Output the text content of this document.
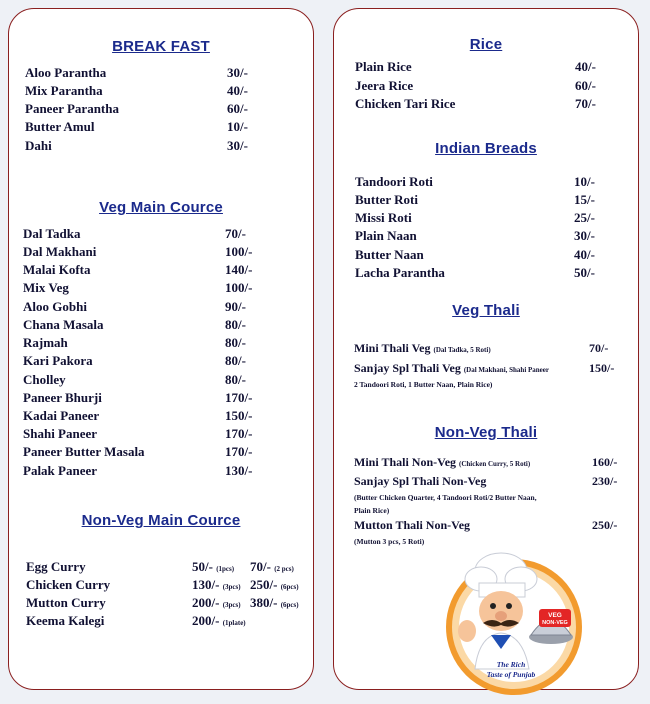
BREAK FAST
Aloo Parantha	30/-
Mix Parantha	40/-
Paneer Parantha	60/-
Butter Amul	10/-
Dahi	30/-
Veg Main Cource
Dal Tadka	70/-
Dal Makhani	100/-
Malai Kofta	140/-
Mix Veg	100/-
Aloo Gobhi	90/-
Chana Masala	80/-
Rajmah	80/-
Kari Pakora	80/-
Cholley	80/-
Paneer Bhurji	170/-
Kadai Paneer	150/-
Shahi Paneer	170/-
Paneer Butter Masala	170/-
Palak Paneer	130/-
Non-Veg Main Cource
Egg Curry	50/- (1pcs) 70/- (2 pcs)
Chicken Curry	130/- (3pcs) 250/- (6pcs)
Mutton Curry	200/- (3pcs) 380/- (6pcs)
Keema Kalegi	200/- (1plate)
Rice
Plain Rice	40/-
Jeera Rice	60/-
Chicken Tari Rice	70/-
Indian Breads
Tandoori Roti	10/-
Butter Roti	15/-
Missi Roti	25/-
Plain Naan	30/-
Butter Naan	40/-
Lacha Parantha	50/-
Veg Thali
Mini Thali Veg (Dal Tadka, 5 Roti)	70/-
Sanjay Spl Thali Veg (Dal Makhani, Shahi Paneer	150/-
2 Tandoori Roti, 1 Butter Naan, Plain Rice)
Non-Veg Thali
Mini Thali Non-Veg (Chicken Curry, 5 Roti)	160/-
Sanjay Spl Thali Non-Veg	230/-
(Butter Chicken Quarter, 4 Tandoori Roti/2 Butter Naan,
Plain Rice)
Mutton Thali Non-Veg	250/-
(Mutton 3 pcs, 5 Roti)
VEG
NON-VEG
The Rich
Taste of Punjab
